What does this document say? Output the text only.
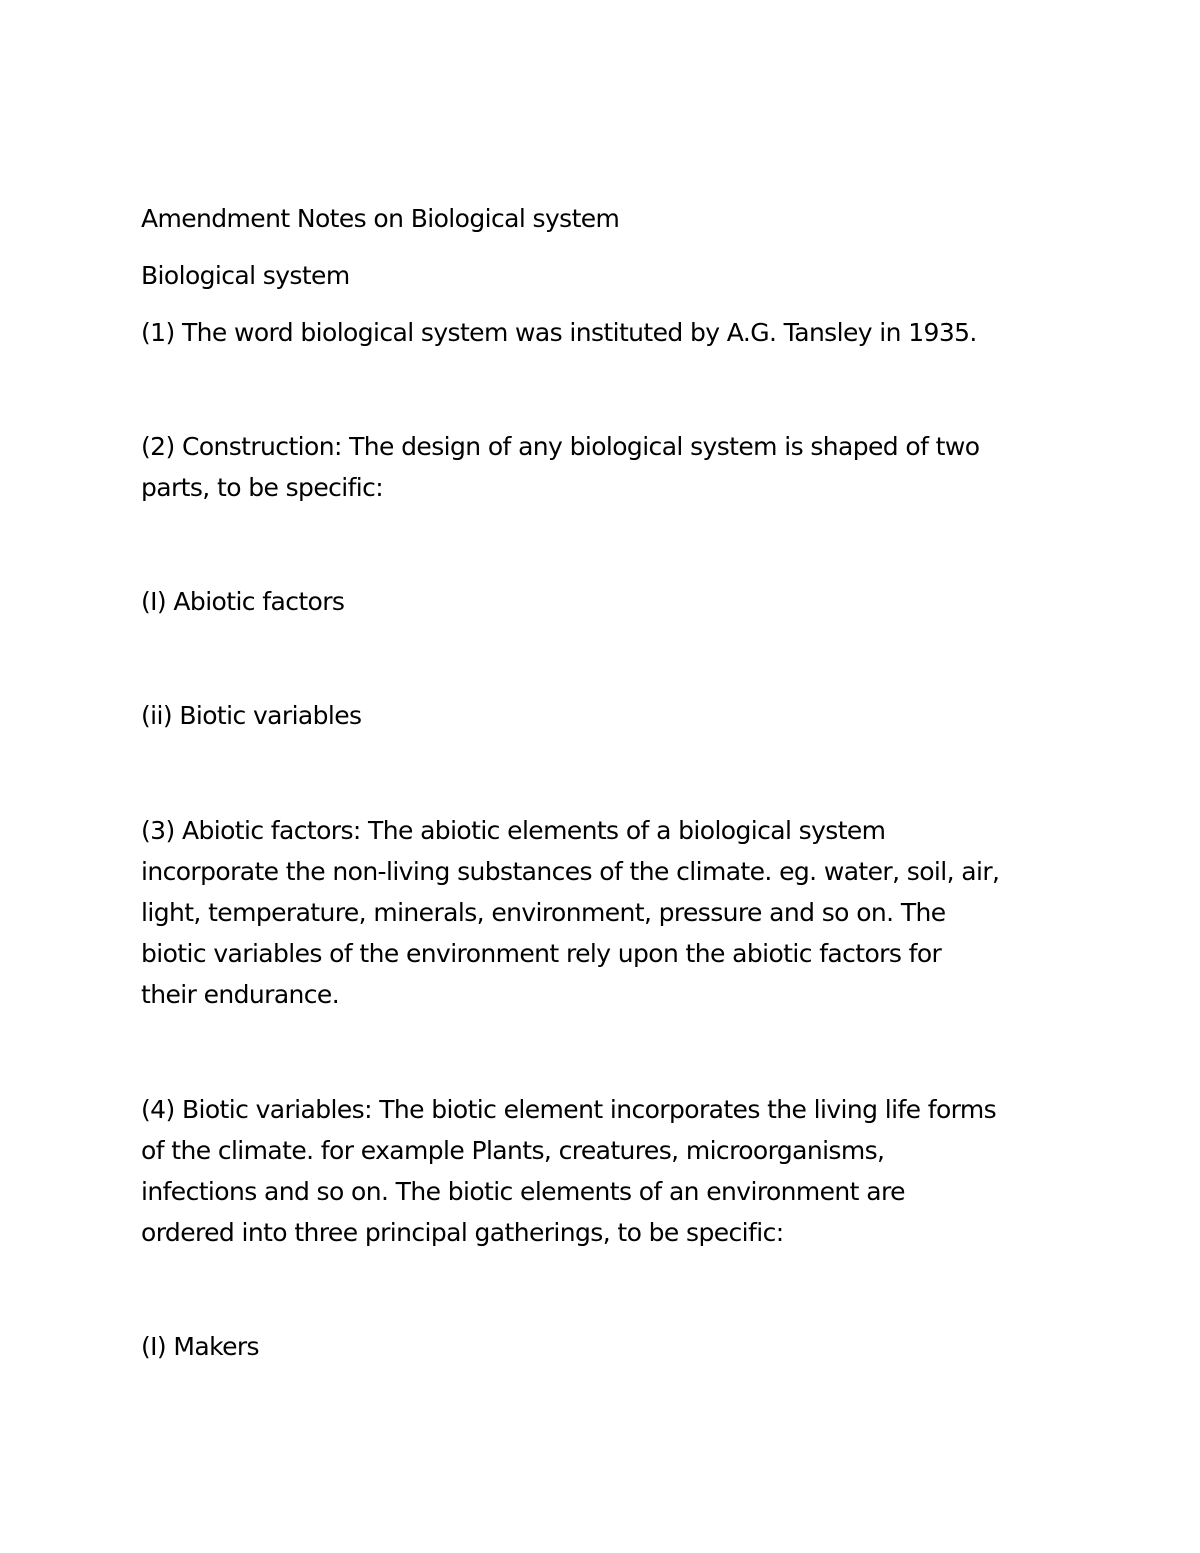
Amendment Notes on Biological system

Biological system

(1) The word biological system was instituted by A.G. Tansley in 1935.

(2) Construction: The design of any biological system is shaped of two

parts, to be specific:

(I) Abiotic factors

(ii) Biotic variables

(3) Abiotic factors: The abiotic elements of a biological system

incorporate the non-living substances of the climate. eg. water, soil, air,

light, temperature, minerals, environment, pressure and so on. The

biotic variables of the environment rely upon the abiotic factors for

their endurance.

(4) Biotic variables: The biotic element incorporates the living life forms

of the climate. for example Plants, creatures, microorganisms,

infections and so on. The biotic elements of an environment are

ordered into three principal gatherings, to be specific:

(I) Makers
